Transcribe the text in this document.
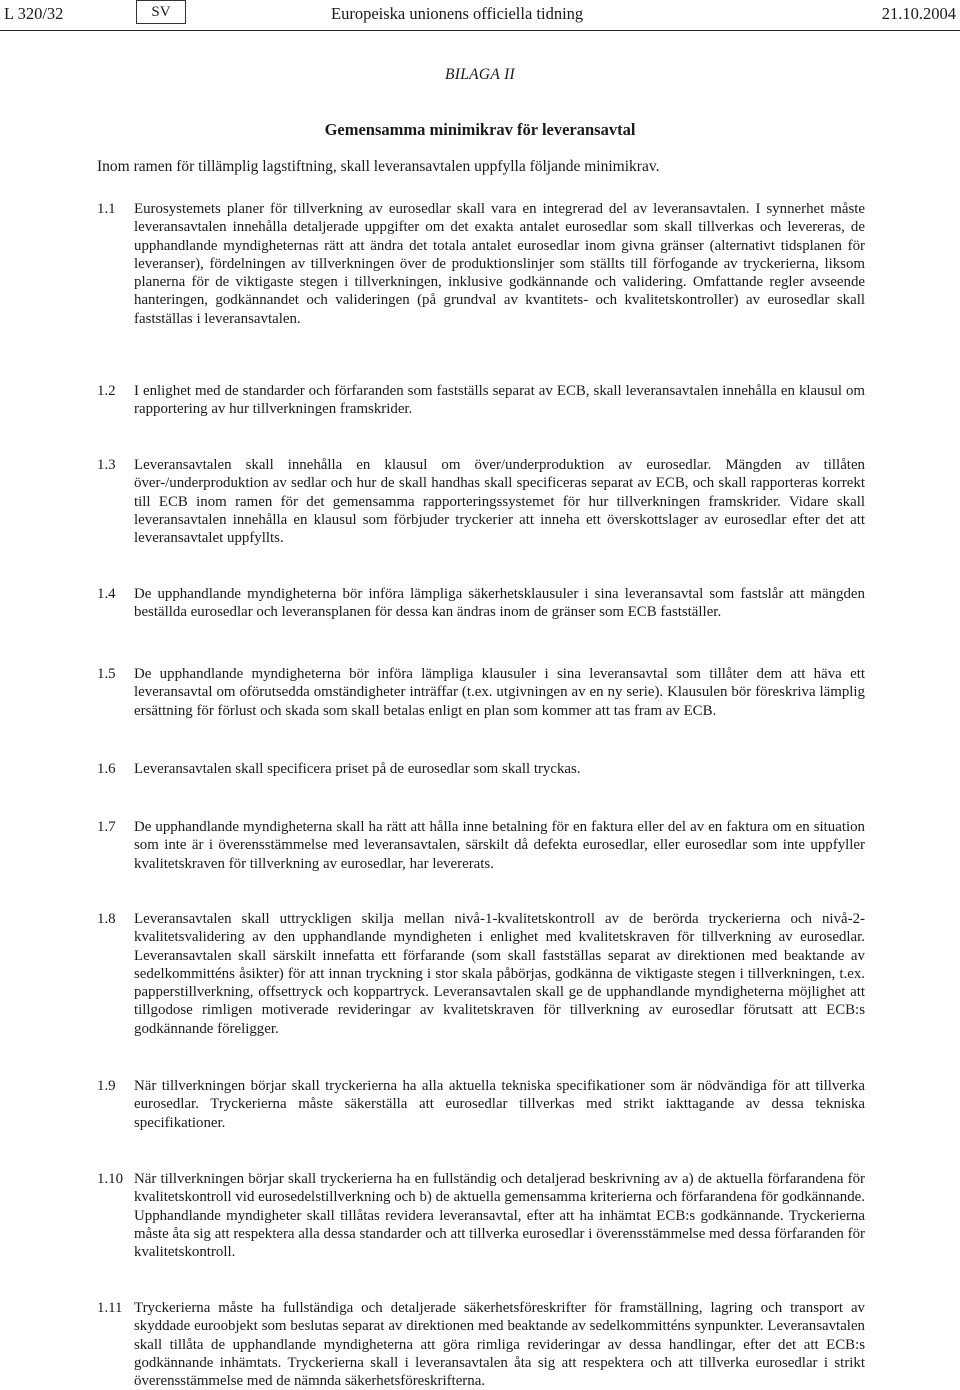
L 320/32	SV	Europeiska unionens officiella tidning	21.10.2004
BILAGA II
Gemensamma minimikrav för leveransavtal
Inom ramen för tillämplig lagstiftning, skall leveransavtalen uppfylla följande minimikrav.
1.1 Eurosystemets planer för tillverkning av eurosedlar skall vara en integrerad del av leveransavtalen. I synnerhet måste leveransavtalen innehålla detaljerade uppgifter om det exakta antalet eurosedlar som skall tillverkas och levereras, de upphandlande myndigheternas rätt att ändra det totala antalet eurosedlar inom givna gränser (alternativt tidsplanen för leveranser), fördelningen av tillverkningen över de produktionslinjer som ställts till förfogande av tryckerierna, liksom planerna för de viktigaste stegen i tillverkningen, inklusive godkännande och validering. Omfattande regler avseende hanteringen, godkännandet och valideringen (på grundval av kvantitets- och kvalitetskontroller) av eurosedlar skall fastställas i leveransavtalen.
1.2 I enlighet med de standarder och förfaranden som fastställs separat av ECB, skall leveransavtalen innehålla en klausul om rapportering av hur tillverkningen framskrider.
1.3 Leveransavtalen skall innehålla en klausul om över/underproduktion av eurosedlar. Mängden av tillåten över-/underproduktion av sedlar och hur de skall handhas skall specificeras separat av ECB, och skall rapporteras korrekt till ECB inom ramen för det gemensamma rapporteringssystemet för hur tillverkningen framskrider. Vidare skall leveransavtalen innehålla en klausul som förbjuder tryckerier att inneha ett överskottslager av eurosedlar efter det att leveransavtalet uppfyllts.
1.4 De upphandlande myndigheterna bör införa lämpliga säkerhetsklausuler i sina leveransavtal som fastslår att mängden beställda eurosedlar och leveransplanen för dessa kan ändras inom de gränser som ECB fastställer.
1.5 De upphandlande myndigheterna bör införa lämpliga klausuler i sina leveransavtal som tillåter dem att häva ett leveransavtal om oförutsedda omständigheter inträffar (t.ex. utgivningen av en ny serie). Klausulen bör föreskriva lämplig ersättning för förlust och skada som skall betalas enligt en plan som kommer att tas fram av ECB.
1.6 Leveransavtalen skall specificera priset på de eurosedlar som skall tryckas.
1.7 De upphandlande myndigheterna skall ha rätt att hålla inne betalning för en faktura eller del av en faktura om en situation som inte är i överensstämmelse med leveransavtalen, särskilt då defekta eurosedlar, eller eurosedlar som inte uppfyller kvalitetskraven för tillverkning av eurosedlar, har levererats.
1.8 Leveransavtalen skall uttryckligen skilja mellan nivå-1-kvalitetskontroll av de berörda tryckerierna och nivå-2-kvalitetsvalidering av den upphandlande myndigheten i enlighet med kvalitetskraven för tillverkning av eurosedlar. Leveransavtalen skall särskilt innefatta ett förfarande (som skall fastställas separat av direktionen med beaktande av sedelkommitténs åsikter) för att innan tryckning i stor skala påbörjas, godkänna de viktigaste stegen i tillverkningen, t.ex. papperstillverkning, offsettryck och koppartryck. Leveransavtalen skall ge de upphandlande myndigheterna möjlighet att tillgodose rimligen motiverade revideringar av kvalitetskraven för tillverkning av eurosedlar förutsatt att ECB:s godkännande föreligger.
1.9 När tillverkningen börjar skall tryckerierna ha alla aktuella tekniska specifikationer som är nödvändiga för att tillverka eurosedlar. Tryckerierna måste säkerställa att eurosedlar tillverkas med strikt iakttagande av dessa tekniska specifikationer.
1.10 När tillverkningen börjar skall tryckerierna ha en fullständig och detaljerad beskrivning av a) de aktuella förfarandena för kvalitetskontroll vid eurosedelstillverkning och b) de aktuella gemensamma kriterierna och förfarandena för godkännande. Upphandlande myndigheter skall tillåtas revidera leveransavtal, efter att ha inhämtat ECB:s godkännande. Tryckerierna måste åta sig att respektera alla dessa standarder och att tillverka eurosedlar i överensstämmelse med dessa förfaranden för kvalitetskontroll.
1.11 Tryckerierna måste ha fullständiga och detaljerade säkerhetsföreskrifter för framställning, lagring och transport av skyddade euroobjekt som beslutas separat av direktionen med beaktande av sedelkommitténs synpunkter. Leveransavtalen skall tillåta de upphandlande myndigheterna att göra rimliga revideringar av dessa handlingar, efter det att ECB:s godkännande inhämtats. Tryckerierna skall i leveransavtalen åta sig att respektera och att tillverka eurosedlar i strikt överensstämmelse med de nämnda säkerhetsföreskrifterna.
